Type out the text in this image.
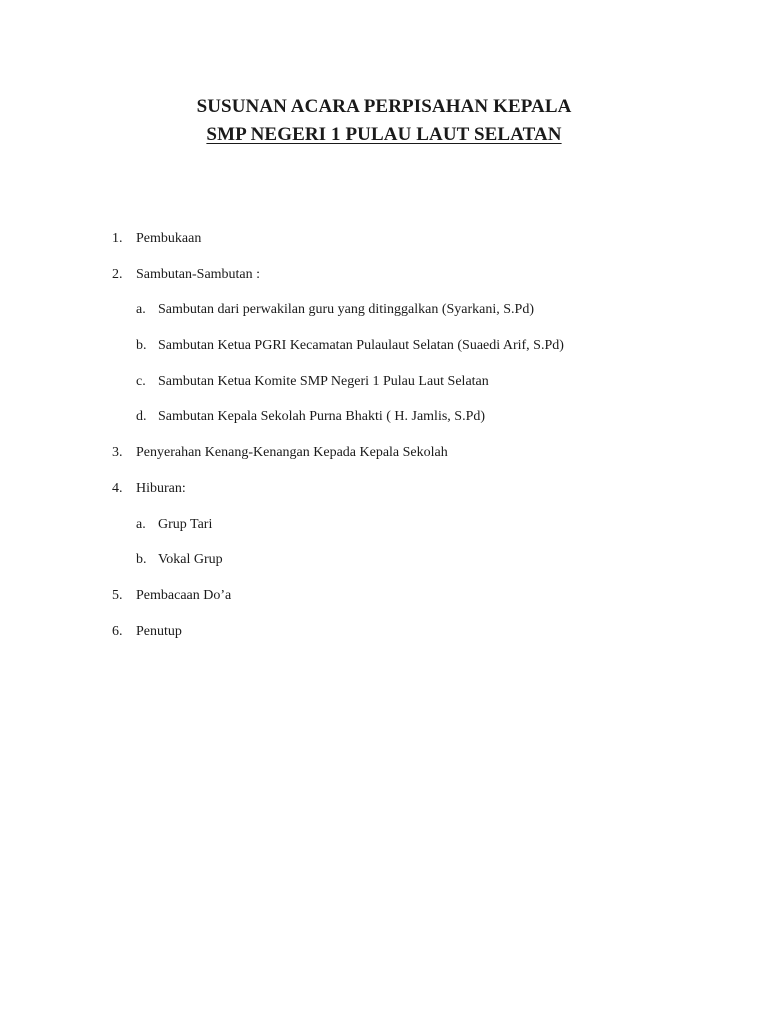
SUSUNAN ACARA PERPISAHAN KEPALA
SMP NEGERI 1 PULAU LAUT SELATAN
1. Pembukaan
2. Sambutan-Sambutan :
a. Sambutan dari perwakilan guru yang ditinggalkan (Syarkani, S.Pd)
b. Sambutan Ketua PGRI Kecamatan Pulaulaut Selatan (Suaedi Arif, S.Pd)
c. Sambutan Ketua Komite SMP Negeri 1 Pulau Laut Selatan
d. Sambutan Kepala Sekolah Purna Bhakti ( H. Jamlis, S.Pd)
3. Penyerahan Kenang-Kenangan Kepada Kepala Sekolah
4. Hiburan:
a. Grup Tari
b. Vokal Grup
5. Pembacaan Do’a
6. Penutup
